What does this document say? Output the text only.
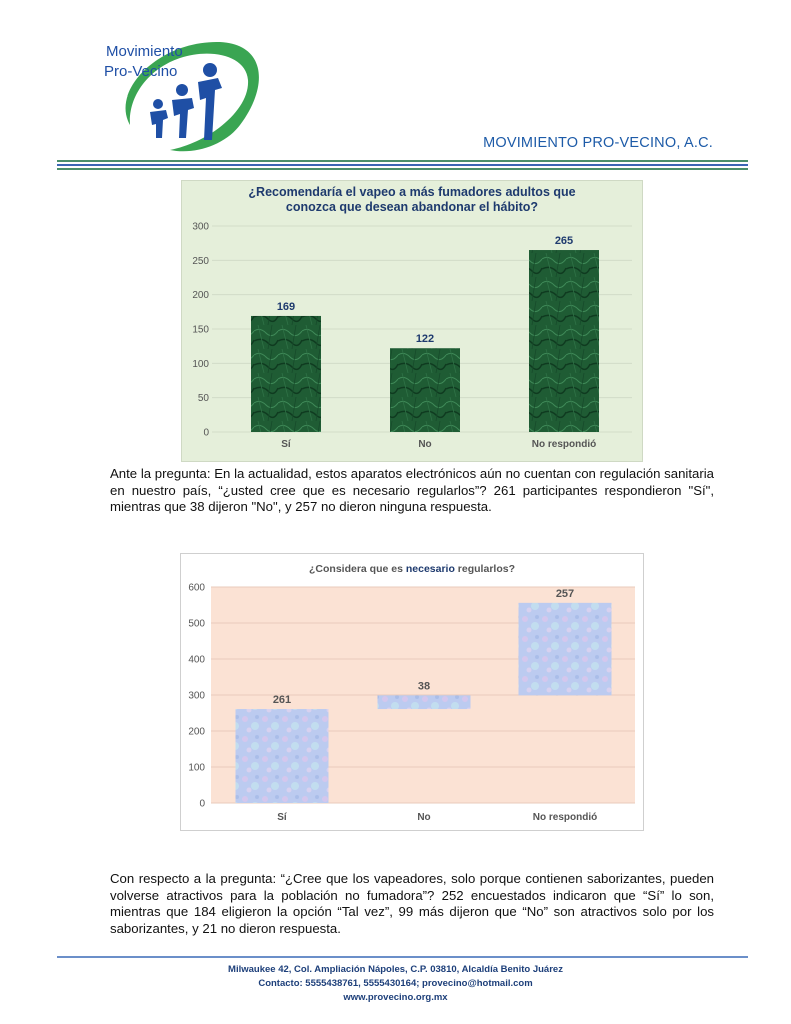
Movimiento
Pro-Vecino
MOVIMIENTO PRO-VECINO, A.C.
¿Recomendaría el vapeo a más fumadores adultos que
conozca que desean abandonar el hábito?
0
50
100
150
200
250
300
169
122
265
Sí	No	No respondió
Ante la pregunta: En la actualidad, estos aparatos electrónicos aún no cuentan con regulación sanitaria en nuestro país, “¿usted cree que es necesario regularlos”? 261 participantes respondieron "Sí", mientras que 38 dijeron "No", y 257 no dieron ninguna respuesta.
¿Considera que es necesario regularlos?
0
100
200
300
400
500
600
261
38
257
Sí	No	No respondió
Con respecto a la pregunta: “¿Cree que los vapeadores, solo porque contienen saborizantes, pueden volverse atractivos para la población no fumadora”? 252 encuestados indicaron que “Sí” lo son, mientras que 184 eligieron la opción “Tal vez”, 99 más dijeron que “No” son atractivos solo por los saborizantes, y 21 no dieron respuesta.
Milwaukee 42, Col. Ampliación Nápoles, C.P. 03810, Alcaldía Benito Juárez
Contacto: 5555438761, 5555430164; provecino@hotmail.com
www.provecino.org.mx
